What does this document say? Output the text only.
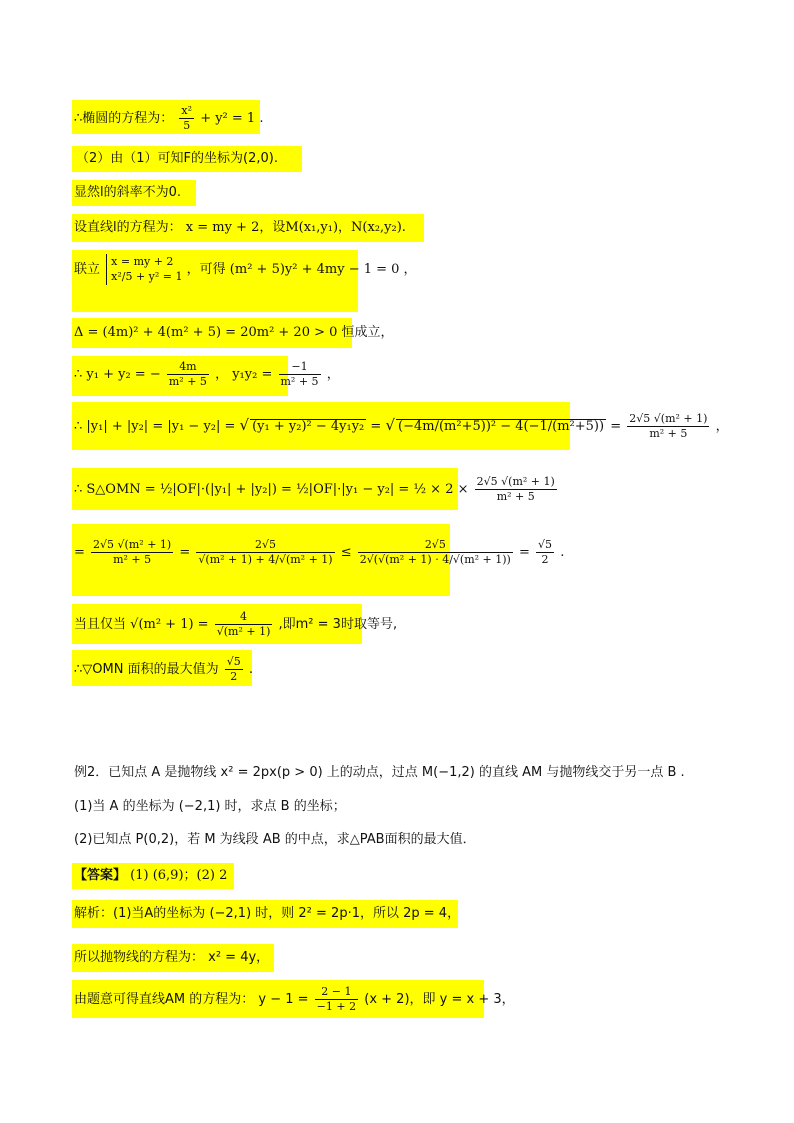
∴椭圆的方程为： $\frac{\text{x²}}{5} + y^2 = 1$ .
（2）由（1）可知F的坐标为(2,0).
显然l的斜率不为0.
设直线l的方程为： x = my + 2，设M(x₁,y₁)，N(x₂,y₂).
联立
x = my + 2
x²/5 + y² = 1 ，可得 (m² + 5)y² + 4my − 1 = 0 ，
Δ = (4m)² + 4(m² + 5) = 20m² + 20 > 0 恒成立，
∴ y₁ + y₂ = − $\frac{4m}{\text{m² + 5}}$ ， $y_1y_2 = \frac{-1}{\text{m² + 5}}$ ，
∴ |y₁| + |y₂| = |y₁ − y₂| = √ (y₁ + y₂)² − 4y₁y₂ = √ $(-4m/(m^2+5))^2 - 4(-1/(m^2+5)) = \frac{\text{2√5 √(m² + 1)}}{\text{m² + 5}}$ ，
∴ S△OMN = ½|OF|·(|y₁| + |y₂|) = ½|OF|·|y₁ − y₂| = ½ × $2 \times \frac{\text{2√5 √(m² + 1)}}{\text{m² + 5}}$
= $\frac{\text{2√5 √(m² + 1)}}{\text{m² + 5}} = \frac{2√5}{\text{√(m² + 1) + 4/√(m² + 1)}} \le \frac{2√5}{\text{2√(√(m² + 1) · 4/√(m² + 1))}} = \frac{√5}{2}$ .
当且仅当 $√(m^2 + 1) = \frac{4}{\text{√(m² + 1)}}$ ,即m² = 3时取等号,
∴▽OMN 面积的最大值为 $\frac{√5}{2}$ .
例2．已知点 A 是抛物线 x² = 2px(p > 0) 上的动点，过点 M(−1,2) 的直线 AM 与抛物线交于另一点 B .
(1)当 A 的坐标为 (−2,1) 时，求点 B 的坐标；
(2)已知点 P(0,2)，若 M 为线段 AB 的中点，求△PAB面积的最大值．
【答案】 (1) (6,9)；(2) 2
解析：(1)当A的坐标为 (−2,1) 时，则 2² = 2p·1，所以 2p = 4，
所以抛物线的方程为： x² = 4y，
由题意可得直线AM 的方程为： $y - 1 = \frac{2 - 1}{-1 + 2} (x + 2)$，即 y = x + 3，
